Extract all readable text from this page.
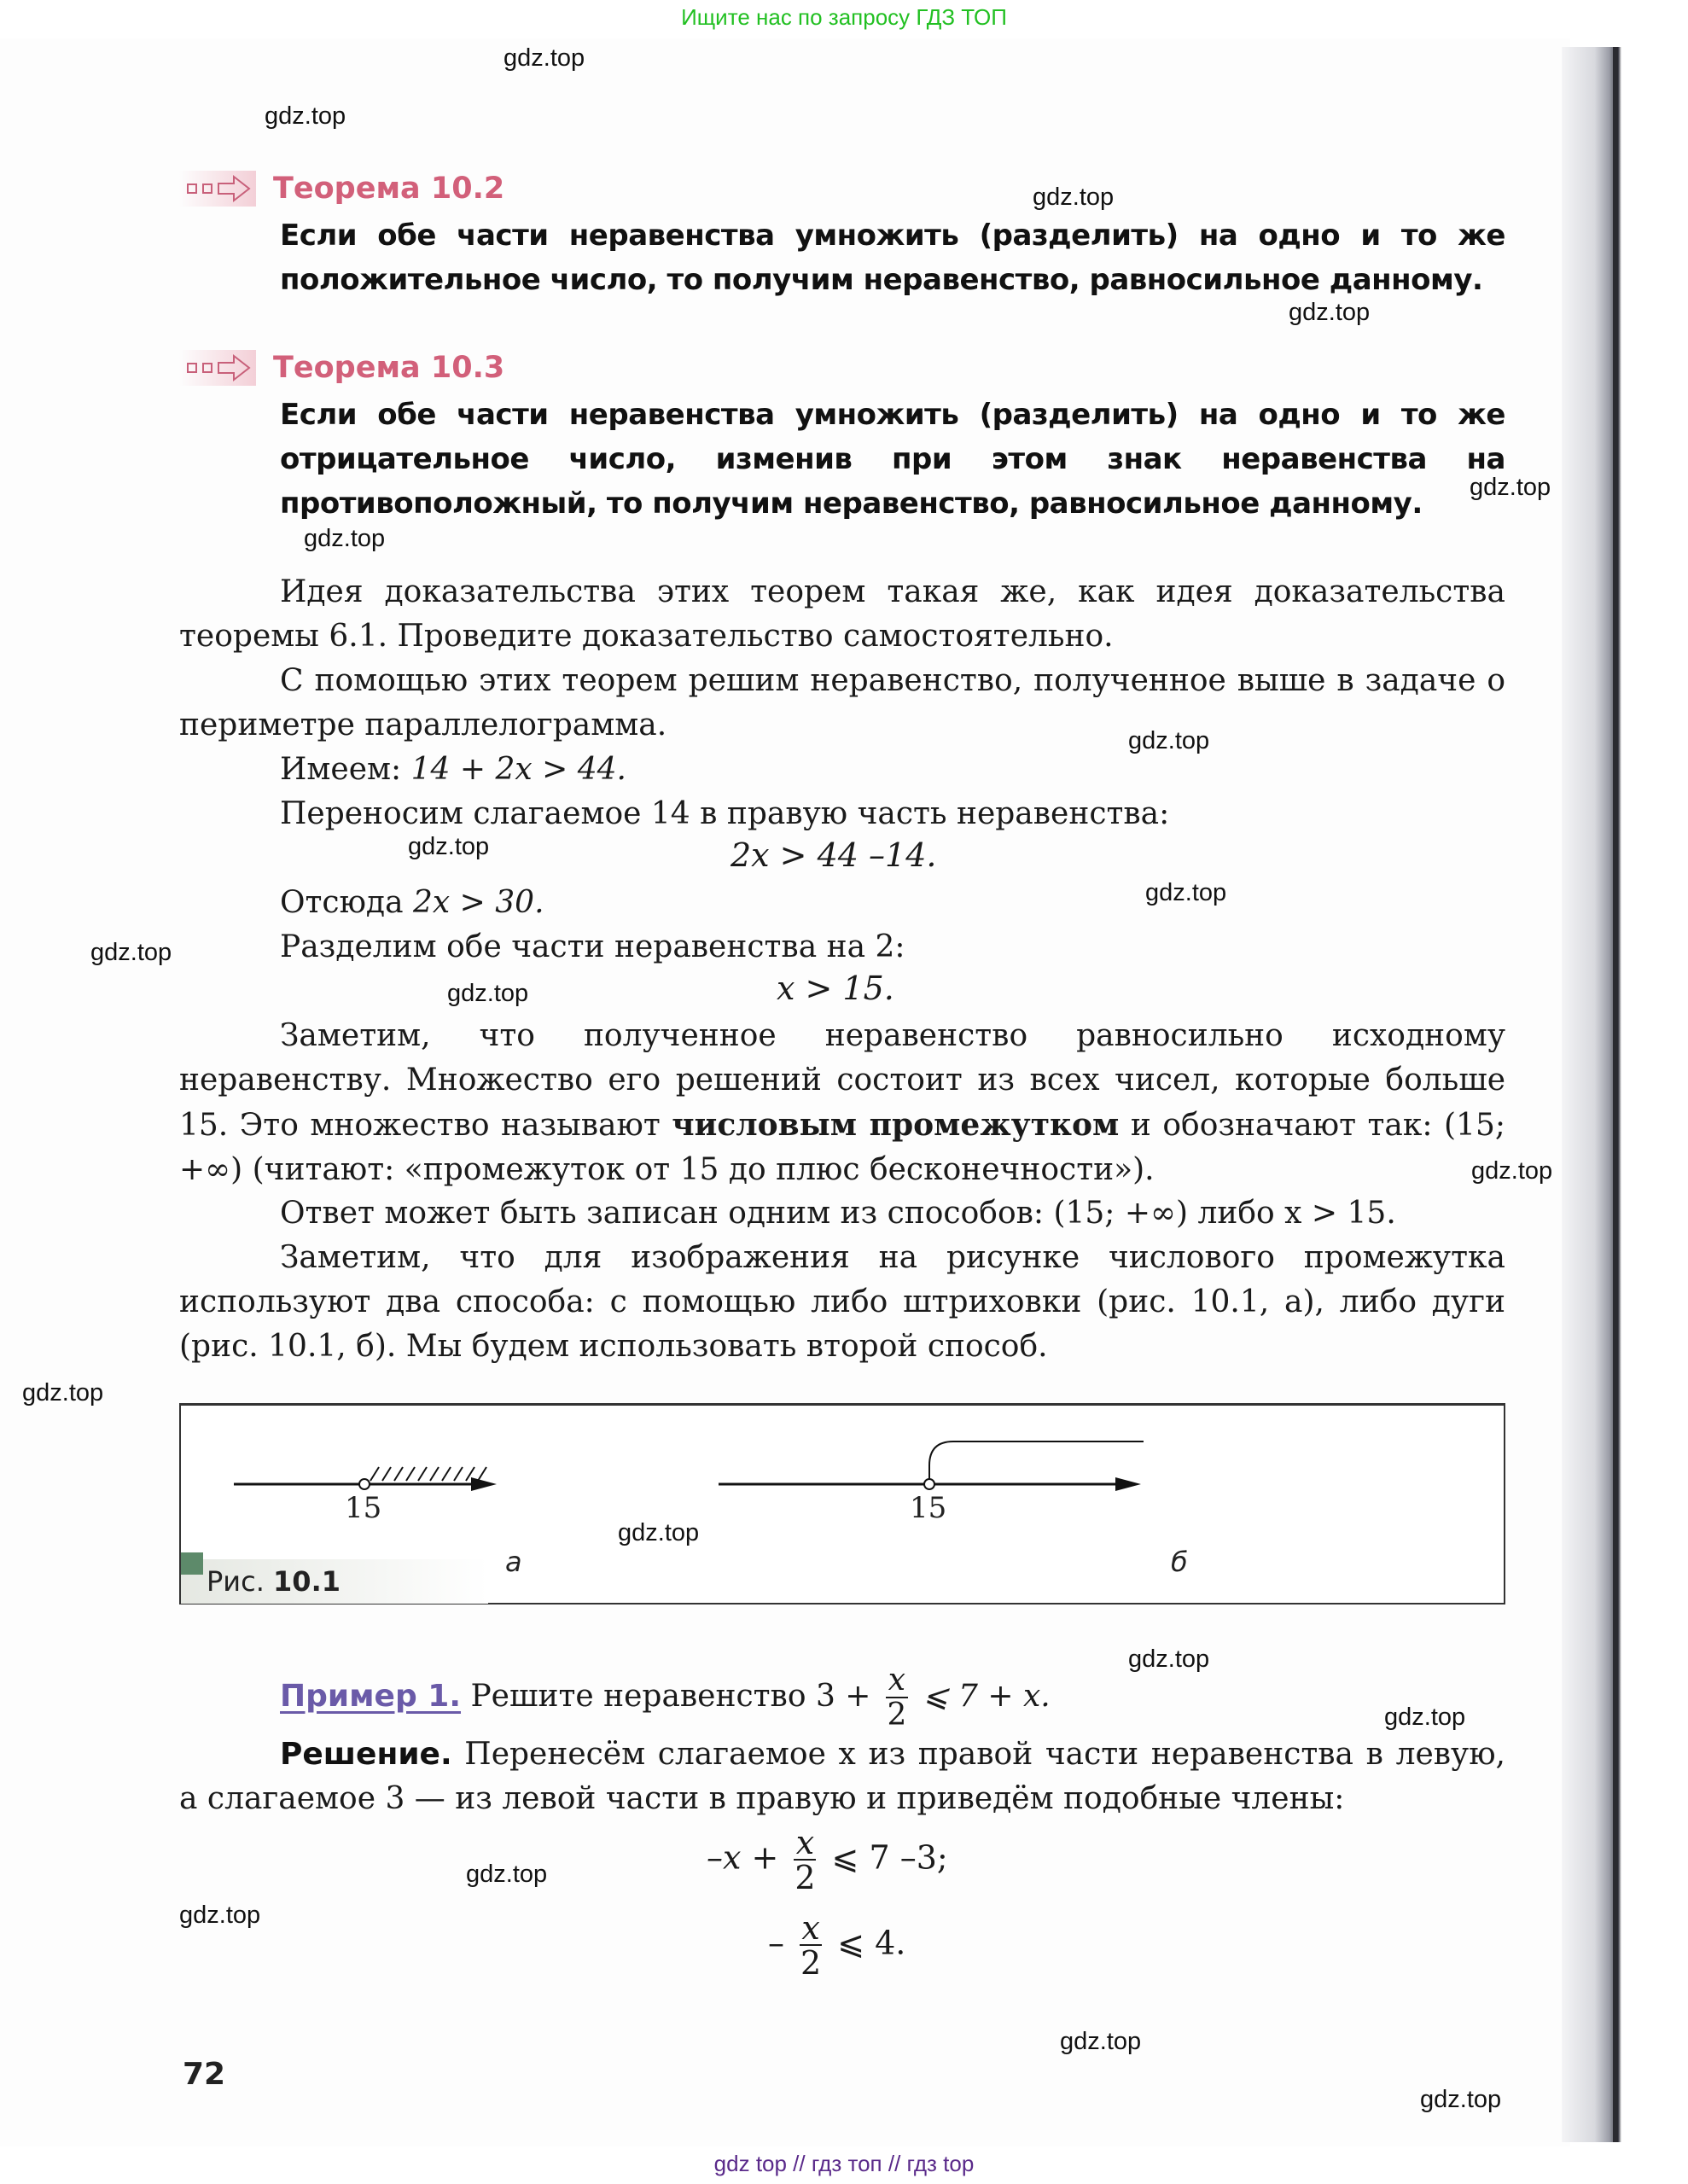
Ищите нас по запросу ГДЗ ТОП
Теорема 10.2
Если обе части неравенства умножить (разделить) на одно и то же положительное число, то получим неравенство, равносильное данному.
Теорема 10.3
Если обе части неравенства умножить (разделить) на одно и то же отрицательное число, изменив при этом знак неравенства на противоположный, то получим неравенство, равносильное данному.
Идея доказательства этих теорем такая же, как идея доказательства теоремы 6.1. Проведите доказательство самостоятельно.
С помощью этих теорем решим неравенство, полученное выше в задаче о периметре параллелограмма.
Имеем: 14 + 2x > 44.
Переносим слагаемое 14 в правую часть неравенства:
2x > 44 –14.
Отсюда 2x > 30.
Разделим обе части неравенства на 2:
x > 15.
Заметим, что полученное неравенство равносильно исходному неравенству. Множество его решений состоит из всех чисел, которые больше 15. Это множество называют числовым промежутком и обозначают так: (15; +∞) (читают: «промежуток от 15 до плюс бесконечности»).
Ответ может быть записан одним из способов: (15; +∞) либо x > 15.
Заметим, что для изображения на рисунке числового промежутка используют два способа: с помощью либо штриховки (рис. 10.1, а), либо дуги (рис. 10.1, б). Мы будем использовать второй способ.
15	15
а	б
Рис. 10.1
Пример 1. Решите неравенство $3 + \frac{x}{2}$ ⩽ 7 + x.
Решение. Перенесём слагаемое x из правой части неравенства в левую, а слагаемое 3 — из левой части в правую и приведём подобные члены:
$-x + \frac{x}{2}$ ⩽ 7 –3;
– $\frac{x}{2}$ ⩽ 4.
72
gdz.top
gdz.top
gdz.top
gdz.top
gdz.top
gdz.top
gdz.top
gdz.top
gdz.top
gdz.top
gdz.top
gdz.top
gdz.top
gdz.top
gdz.top
gdz.top
gdz.top
gdz.top
gdz.top
gdz.top
gdz top // гдз топ // гдз top
